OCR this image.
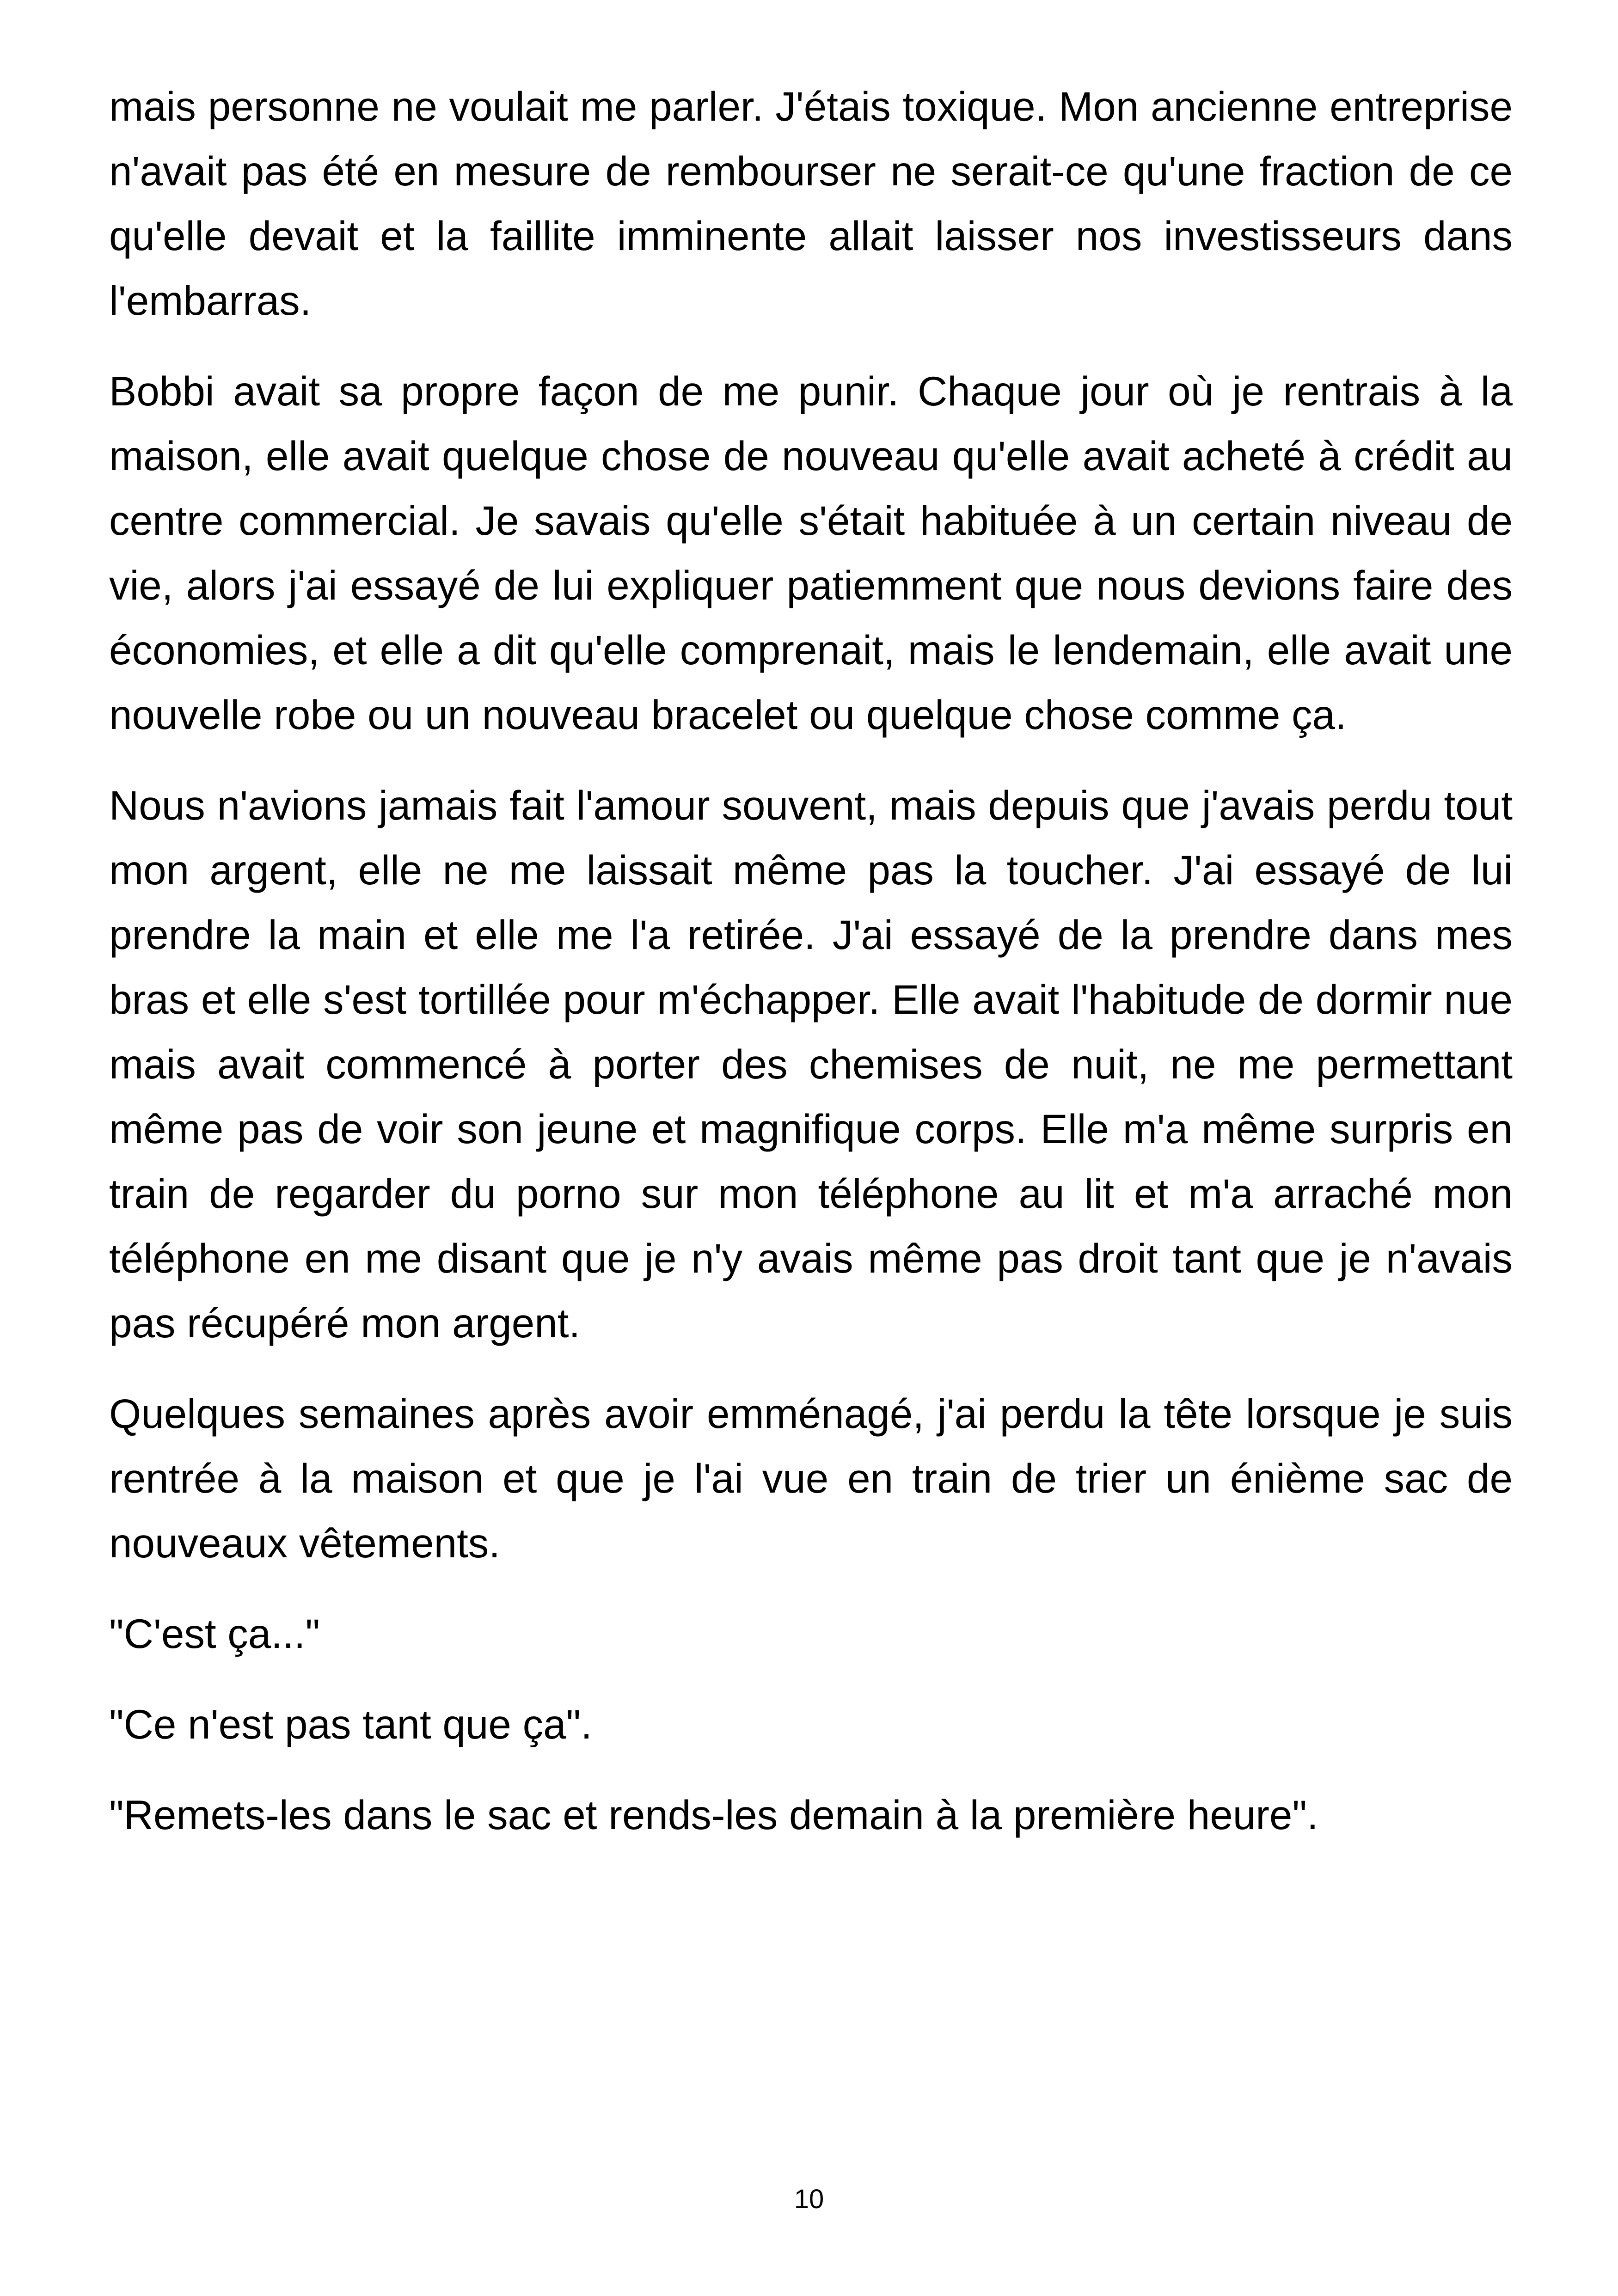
mais personne ne voulait me parler. J'étais toxique. Mon ancienne entreprise n'avait pas été en mesure de rembourser ne serait-ce qu'une fraction de ce qu'elle devait et la faillite imminente allait laisser nos investisseurs dans l'embarras.

Bobbi avait sa propre façon de me punir. Chaque jour où je rentrais à la maison, elle avait quelque chose de nouveau qu'elle avait acheté à crédit au centre commercial. Je savais qu'elle s'était habituée à un certain niveau de vie, alors j'ai essayé de lui expliquer patiemment que nous devions faire des économies, et elle a dit qu'elle comprenait, mais le lendemain, elle avait une nouvelle robe ou un nouveau bracelet ou quelque chose comme ça.

Nous n'avions jamais fait l'amour souvent, mais depuis que j'avais perdu tout mon argent, elle ne me laissait même pas la toucher. J'ai essayé de lui prendre la main et elle me l'a retirée. J'ai essayé de la prendre dans mes bras et elle s'est tortillée pour m'échapper. Elle avait l'habitude de dormir nue mais avait commencé à porter des chemises de nuit, ne me permettant même pas de voir son jeune et magnifique corps. Elle m'a même surpris en train de regarder du porno sur mon téléphone au lit et m'a arraché mon téléphone en me disant que je n'y avais même pas droit tant que je n'avais pas récupéré mon argent.

Quelques semaines après avoir emménagé, j'ai perdu la tête lorsque je suis rentrée à la maison et que je l'ai vue en train de trier un énième sac de nouveaux vêtements.

"C'est ça..."

"Ce n'est pas tant que ça".

"Remets-les dans le sac et rends-les demain à la première heure".

10
